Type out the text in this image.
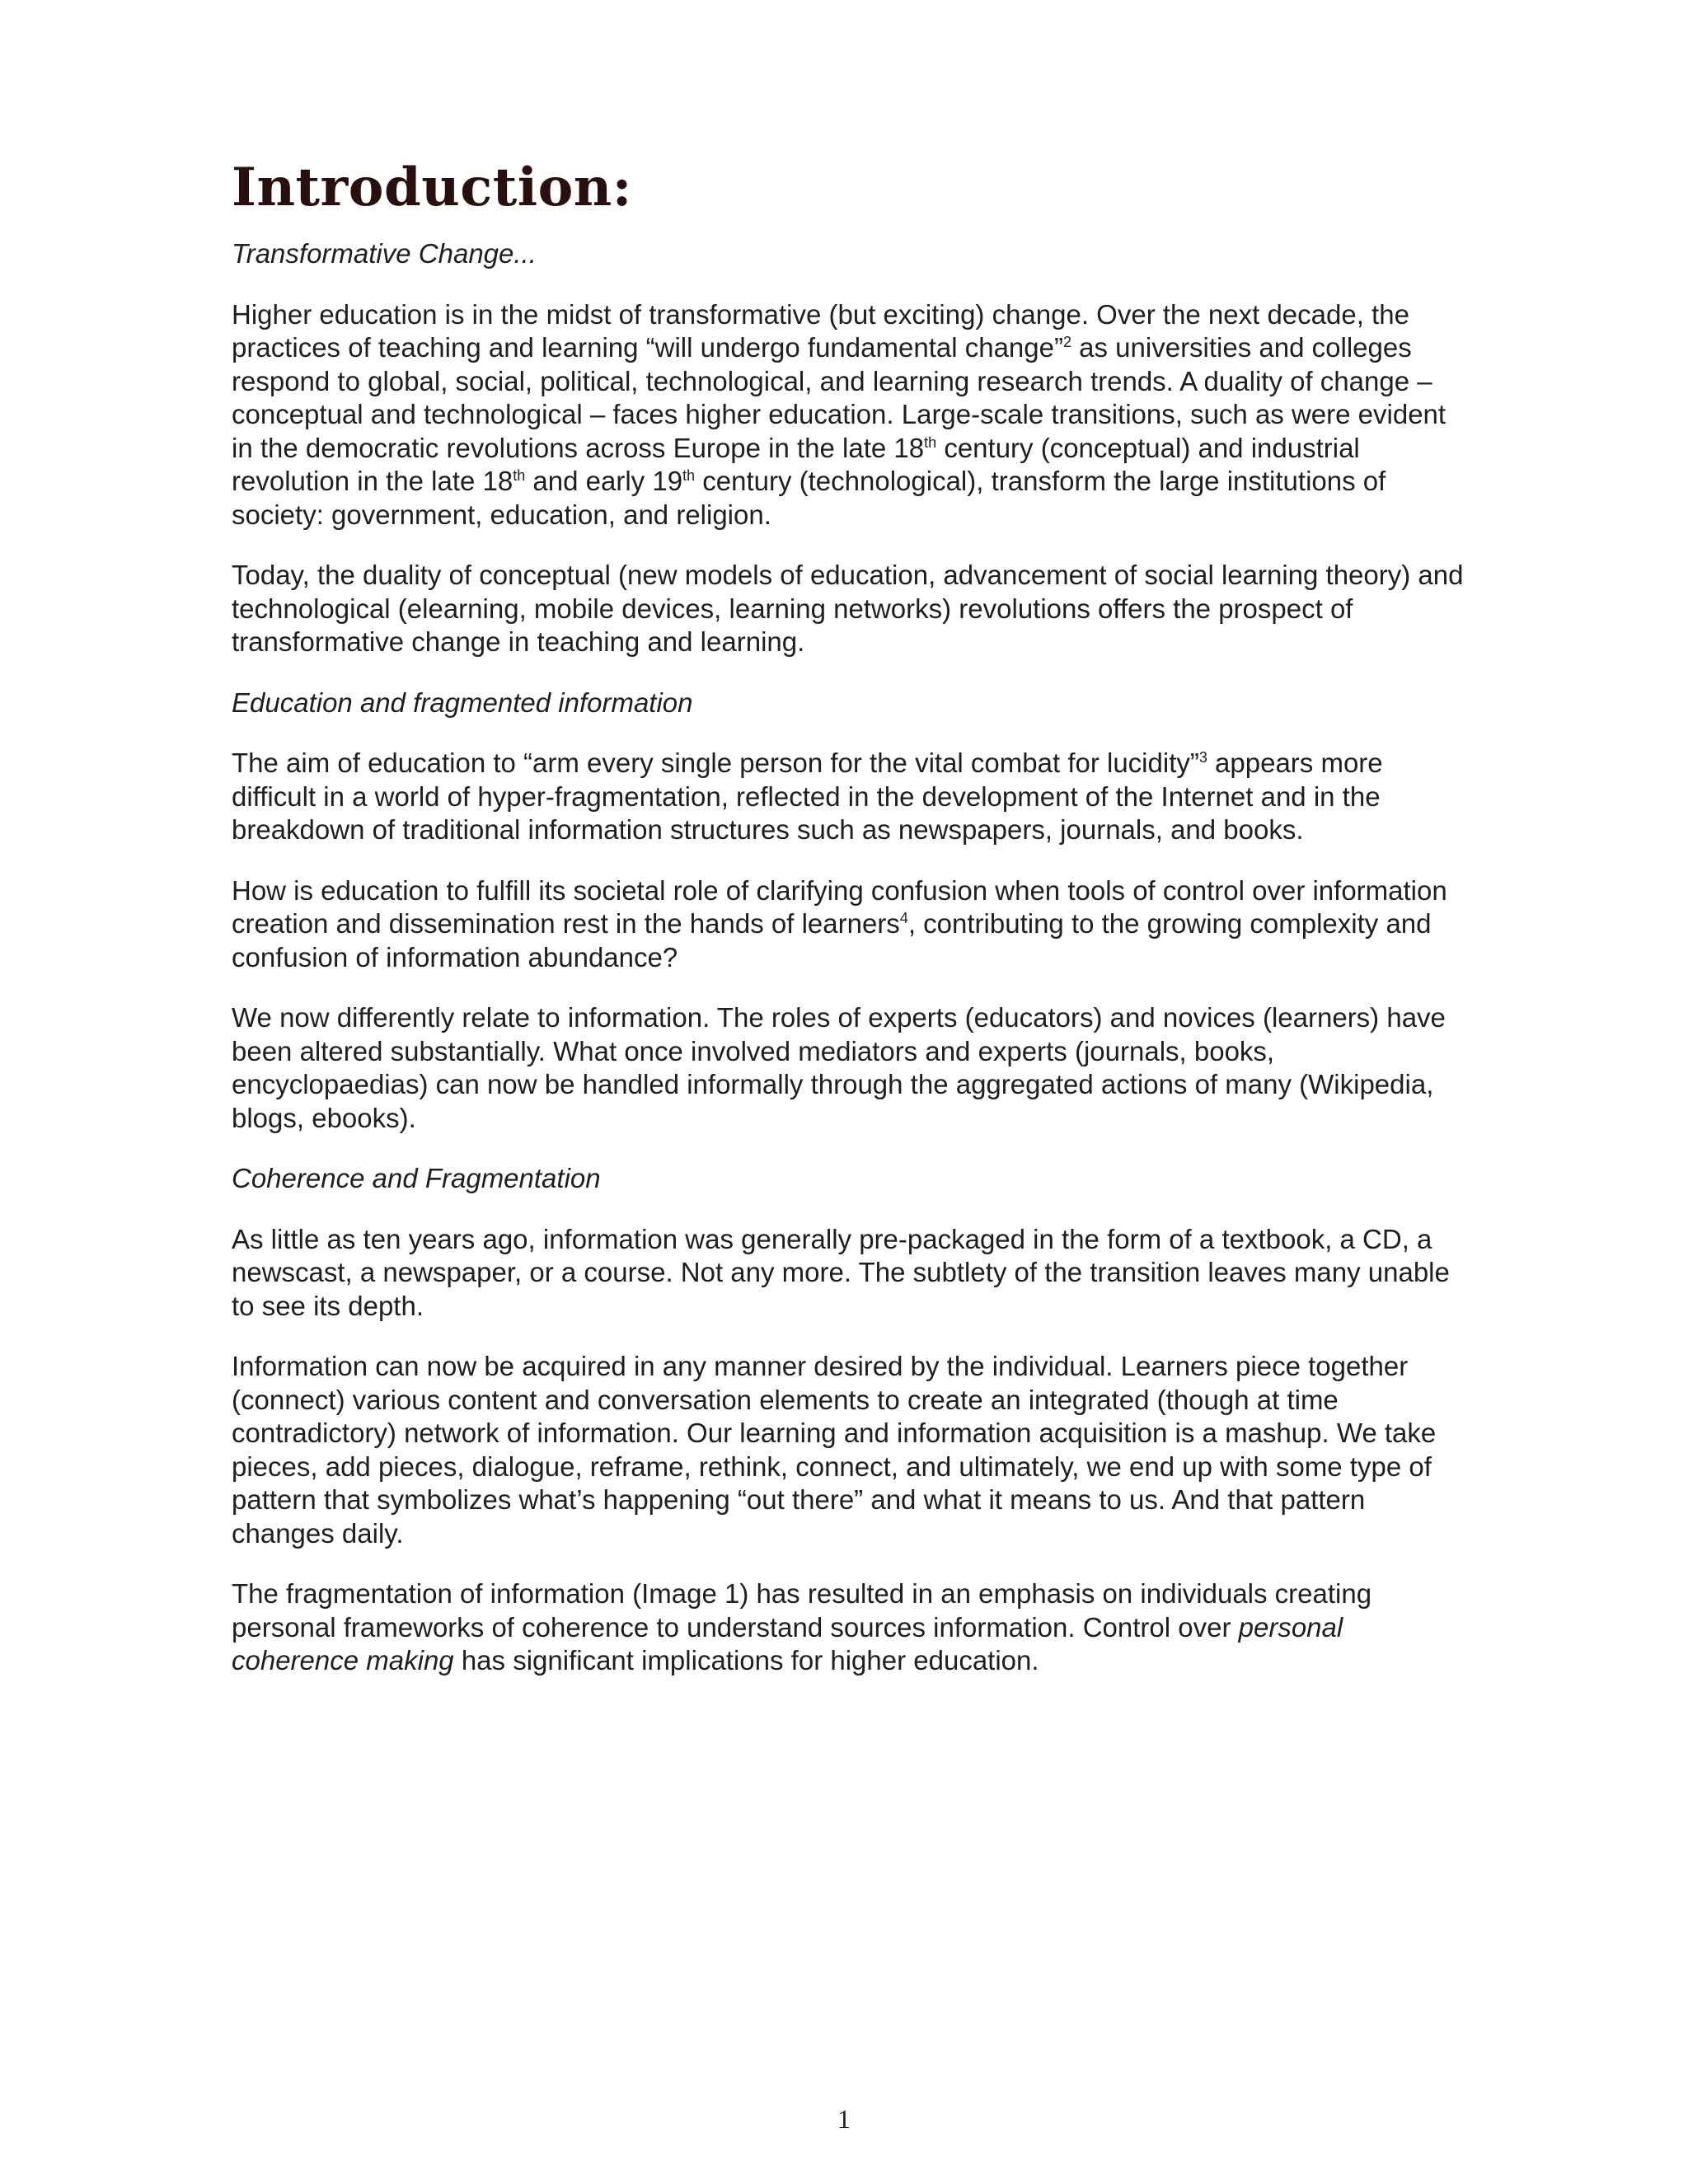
Introduction:

Transformative Change...

Higher education is in the midst of transformative (but exciting) change. Over the next decade, the practices of teaching and learning “will undergo fundamental change”$^2$ as universities and colleges respond to global, social, political, technological, and learning research trends. A duality of change – conceptual and technological – faces higher education. Large-scale transitions, such as were evident in the democratic revolutions across Europe in the late 18th century (conceptual) and industrial revolution in the late 18th and early 19th century (technological), transform the large institutions of society: government, education, and religion.

Today, the duality of conceptual (new models of education, advancement of social learning theory) and technological (elearning, mobile devices, learning networks) revolutions offers the prospect of transformative change in teaching and learning.

Education and fragmented information

The aim of education to “arm every single person for the vital combat for lucidity”$^3$ appears more difficult in a world of hyper-fragmentation, reflected in the development of the Internet and in the breakdown of traditional information structures such as newspapers, journals, and books.

How is education to fulfill its societal role of clarifying confusion when tools of control over information creation and dissemination rest in the hands of learners$^4$, contributing to the growing complexity and confusion of information abundance?

We now differently relate to information. The roles of experts (educators) and novices (learners) have been altered substantially. What once involved mediators and experts (journals, books, encyclopaedias) can now be handled informally through the aggregated actions of many (Wikipedia, blogs, ebooks).

Coherence and Fragmentation

As little as ten years ago, information was generally pre-packaged in the form of a textbook, a CD, a newscast, a newspaper, or a course. Not any more. The subtlety of the transition leaves many unable to see its depth.

Information can now be acquired in any manner desired by the individual. Learners piece together (connect) various content and conversation elements to create an integrated (though at time contradictory) network of information. Our learning and information acquisition is a mashup. We take pieces, add pieces, dialogue, reframe, rethink, connect, and ultimately, we end up with some type of pattern that symbolizes what’s happening “out there” and what it means to us. And that pattern changes daily.

The fragmentation of information (Image 1) has resulted in an emphasis on individuals creating personal frameworks of coherence to understand sources information. Control over personal coherence making has significant implications for higher education.

1
